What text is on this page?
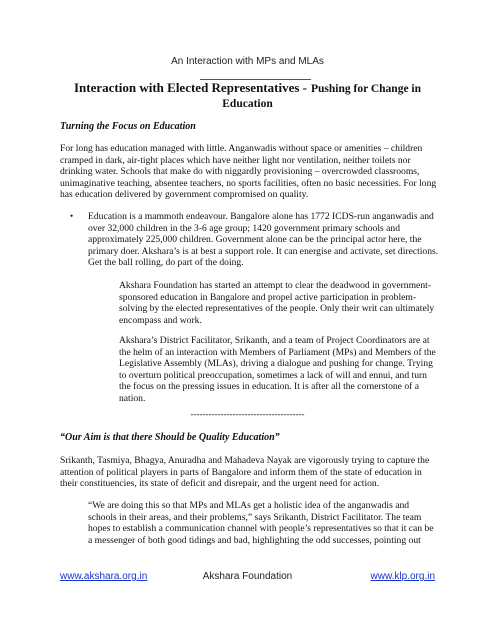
An Interaction with MPs and MLAs
Interaction with Elected Representatives - Pushing for Change in Education
Turning the Focus on Education
For long has education managed with little. Anganwadis without space or amenities – children cramped in dark, air-tight places which have neither light nor ventilation, neither toilets nor drinking water. Schools that make do with niggardly provisioning – overcrowded classrooms, unimaginative teaching, absentee teachers, no sports facilities, often no basic necessities. For long has education delivered by government compromised on quality.
• Education is a mammoth endeavour. Bangalore alone has 1772 ICDS-run anganwadis and over 32,000 children in the 3-6 age group; 1420 government primary schools and approximately 225,000 children. Government alone can be the principal actor here, the primary doer. Akshara’s is at best a support role. It can energise and activate, set directions. Get the ball rolling, do part of the doing.
Akshara Foundation has started an attempt to clear the deadwood in government-sponsored education in Bangalore and propel active participation in problem-solving by the elected representatives of the people. Only their writ can ultimately encompass and work.
Akshara’s District Facilitator, Srikanth, and a team of Project Coordinators are at the helm of an interaction with Members of Parliament (MPs) and Members of the Legislative Assembly (MLAs), driving a dialogue and pushing for change. Trying to overturn political preoccupation, sometimes a lack of will and ennui, and turn the focus on the pressing issues in education. It is after all the cornerstone of a nation.
--------------------------------------
“Our Aim is that there Should be Quality Education”
Srikanth, Tasmiya, Bhagya, Anuradha and Mahadeva Nayak are vigorously trying to capture the attention of political players in parts of Bangalore and inform them of the state of education in their constituencies, its state of deficit and disrepair, and the urgent need for action.
“We are doing this so that MPs and MLAs get a holistic idea of the anganwadis and schools in their areas, and their problems,” says Srikanth, District Facilitator. The team hopes to establish a communication channel with people’s representatives so that it can be a messenger of both good tidings and bad, highlighting the odd successes, pointing out
Akshara Foundation
www.akshara.org.in	www.klp.org.in
